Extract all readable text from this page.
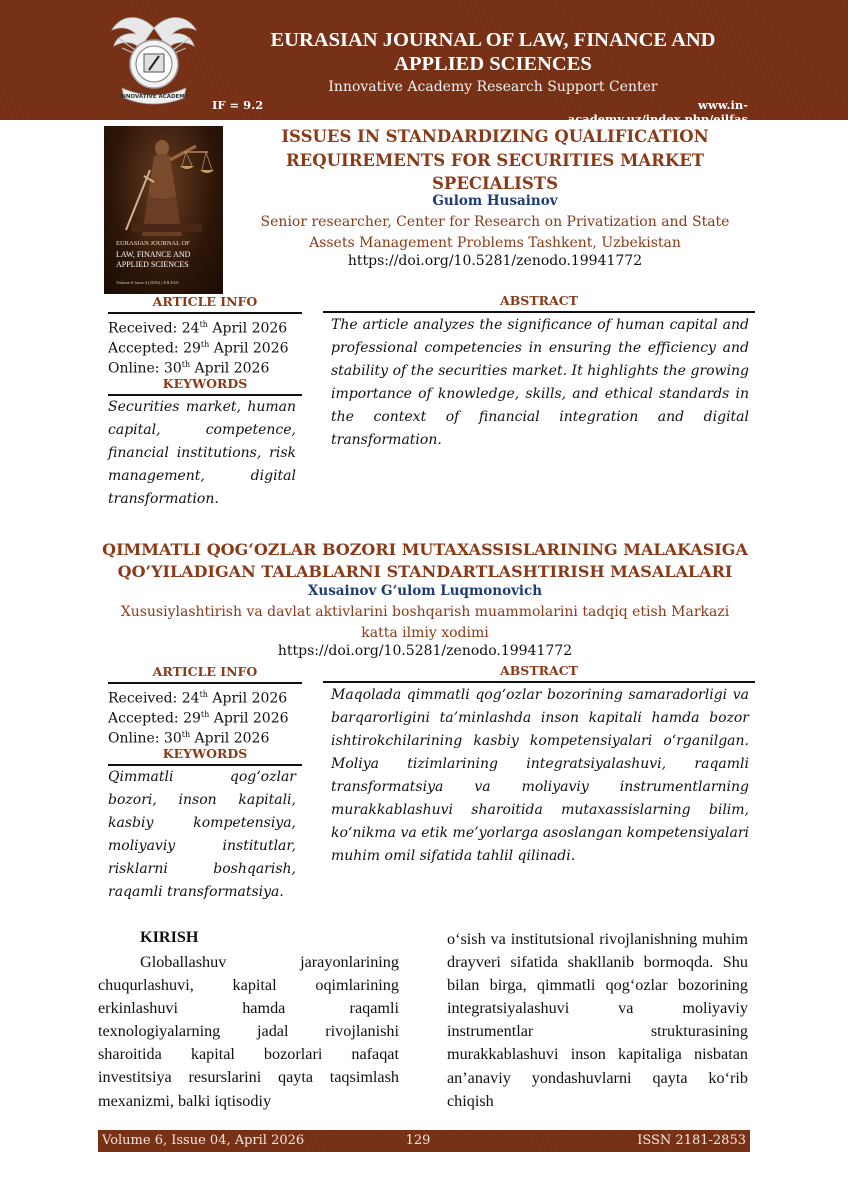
INNOVATIVE ACADEMY
EURASIAN JOURNAL OF LAW, FINANCE AND
APPLIED SCIENCES
Innovative Academy Research Support Center
IF = 9.2	www.in-academy.uz/index.php/ejlfas
EURASIAN JOURNAL OF
LAW, FINANCE AND
APPLIED SCIENCES
Volume 6 Issue 4 (2026) | EJLFAS
ISSUES IN STANDARDIZING QUALIFICATION
REQUIREMENTS FOR SECURITIES MARKET
SPECIALISTS
Gulom Husainov
Senior researcher, Center for Research on Privatization and State
Assets Management Problems Tashkent, Uzbekistan
https://doi.org/10.5281/zenodo.19941772
ARTICLE INFO
Received: 24th April 2026
Accepted: 29th April 2026
Online: 30th April 2026
KEYWORDS
Securities market, human capital, competence, financial institutions, risk management, digital transformation.
ABSTRACT
The article analyzes the significance of human capital and professional competencies in ensuring the efficiency and stability of the securities market. It highlights the growing importance of knowledge, skills, and ethical standards in the context of financial integration and digital transformation.
QIMMATLI QOG‘OZLAR BOZORI MUTAXASSISLARINING MALAKASIGA
QO‘YILADIGAN TALABLARNI STANDARTLASHTIRISH MASALALARI
Xusainov G‘ulom Luqmonovich
Xususiylashtirish va davlat aktivlarini boshqarish muammolarini tadqiq etish Markazi
katta ilmiy xodimi
https://doi.org/10.5281/zenodo.19941772
ARTICLE INFO
Received: 24th April 2026
Accepted: 29th April 2026
Online: 30th April 2026
KEYWORDS
Qimmatli qog‘ozlar bozori, inson kapitali, kasbiy kompetensiya, moliyaviy institutlar, risklarni boshqarish, raqamli transformatsiya.
ABSTRACT
Maqolada qimmatli qog‘ozlar bozorining samaradorligi va barqarorligini ta’minlashda inson kapitali hamda bozor ishtirokchilarining kasbiy kompetensiyalari o‘rganilgan. Moliya tizimlarining integratsiyalashuvi, raqamli transformatsiya va moliyaviy instrumentlarning murakkablashuvi sharoitida mutaxassislarning bilim, ko‘nikma va etik me’yorlarga asoslangan kompetensiyalari muhim omil sifatida tahlil qilinadi.
KIRISH
Globallashuv jarayonlarining chuqurlashuvi, kapital oqimlarining erkinlashuvi hamda raqamli texnologiyalarning jadal rivojlanishi sharoitida kapital bozorlari nafaqat investitsiya resurslarini qayta taqsimlash mexanizmi, balki iqtisodiy
o‘sish va institutsional rivojlanishning muhim drayveri sifatida shakllanib bormoqda. Shu bilan birga, qimmatli qog‘ozlar bozorining integratsiyalashuvi va moliyaviy instrumentlar strukturasining murakkablashuvi inson kapitaliga nisbatan an’anaviy yondashuvlarni qayta ko‘rib chiqish
Volume 6, Issue 04, April 2026	129	ISSN 2181-2853
